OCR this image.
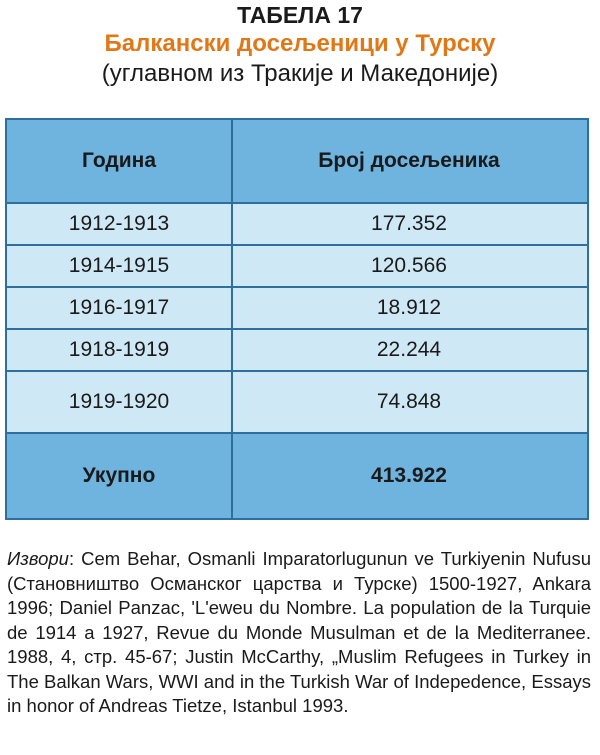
ТАБЕЛА 17
Балкански досељеници у Турску
(углавном из Тракије и Македоније)
Година	Број досељеника
1912-1913	177.352
1914-1915	120.566
1916-1917	18.912
1918-1919	22.244
1919-1920	74.848
Укупно	413.922
Извори: Cem Behar, Osmanli Imparatorlugunun ve Turkiyenin Nufusu (Становништво Османског царства и Турске) 1500-1927, Ankara 1996; Daniel Panzac, 'L'eweu du Nombre. La population de la Turquie de 1914 a 1927, Revue du Monde Musulman et de la Mediterranee. 1988, 4, стр. 45-67; Justin McCarthy, „Muslim Refugees in Turkey in The Balkan Wars, WWI and in the Turkish War of Indepedence, Essays in honor of Andreas Tietze, Istanbul 1993.
